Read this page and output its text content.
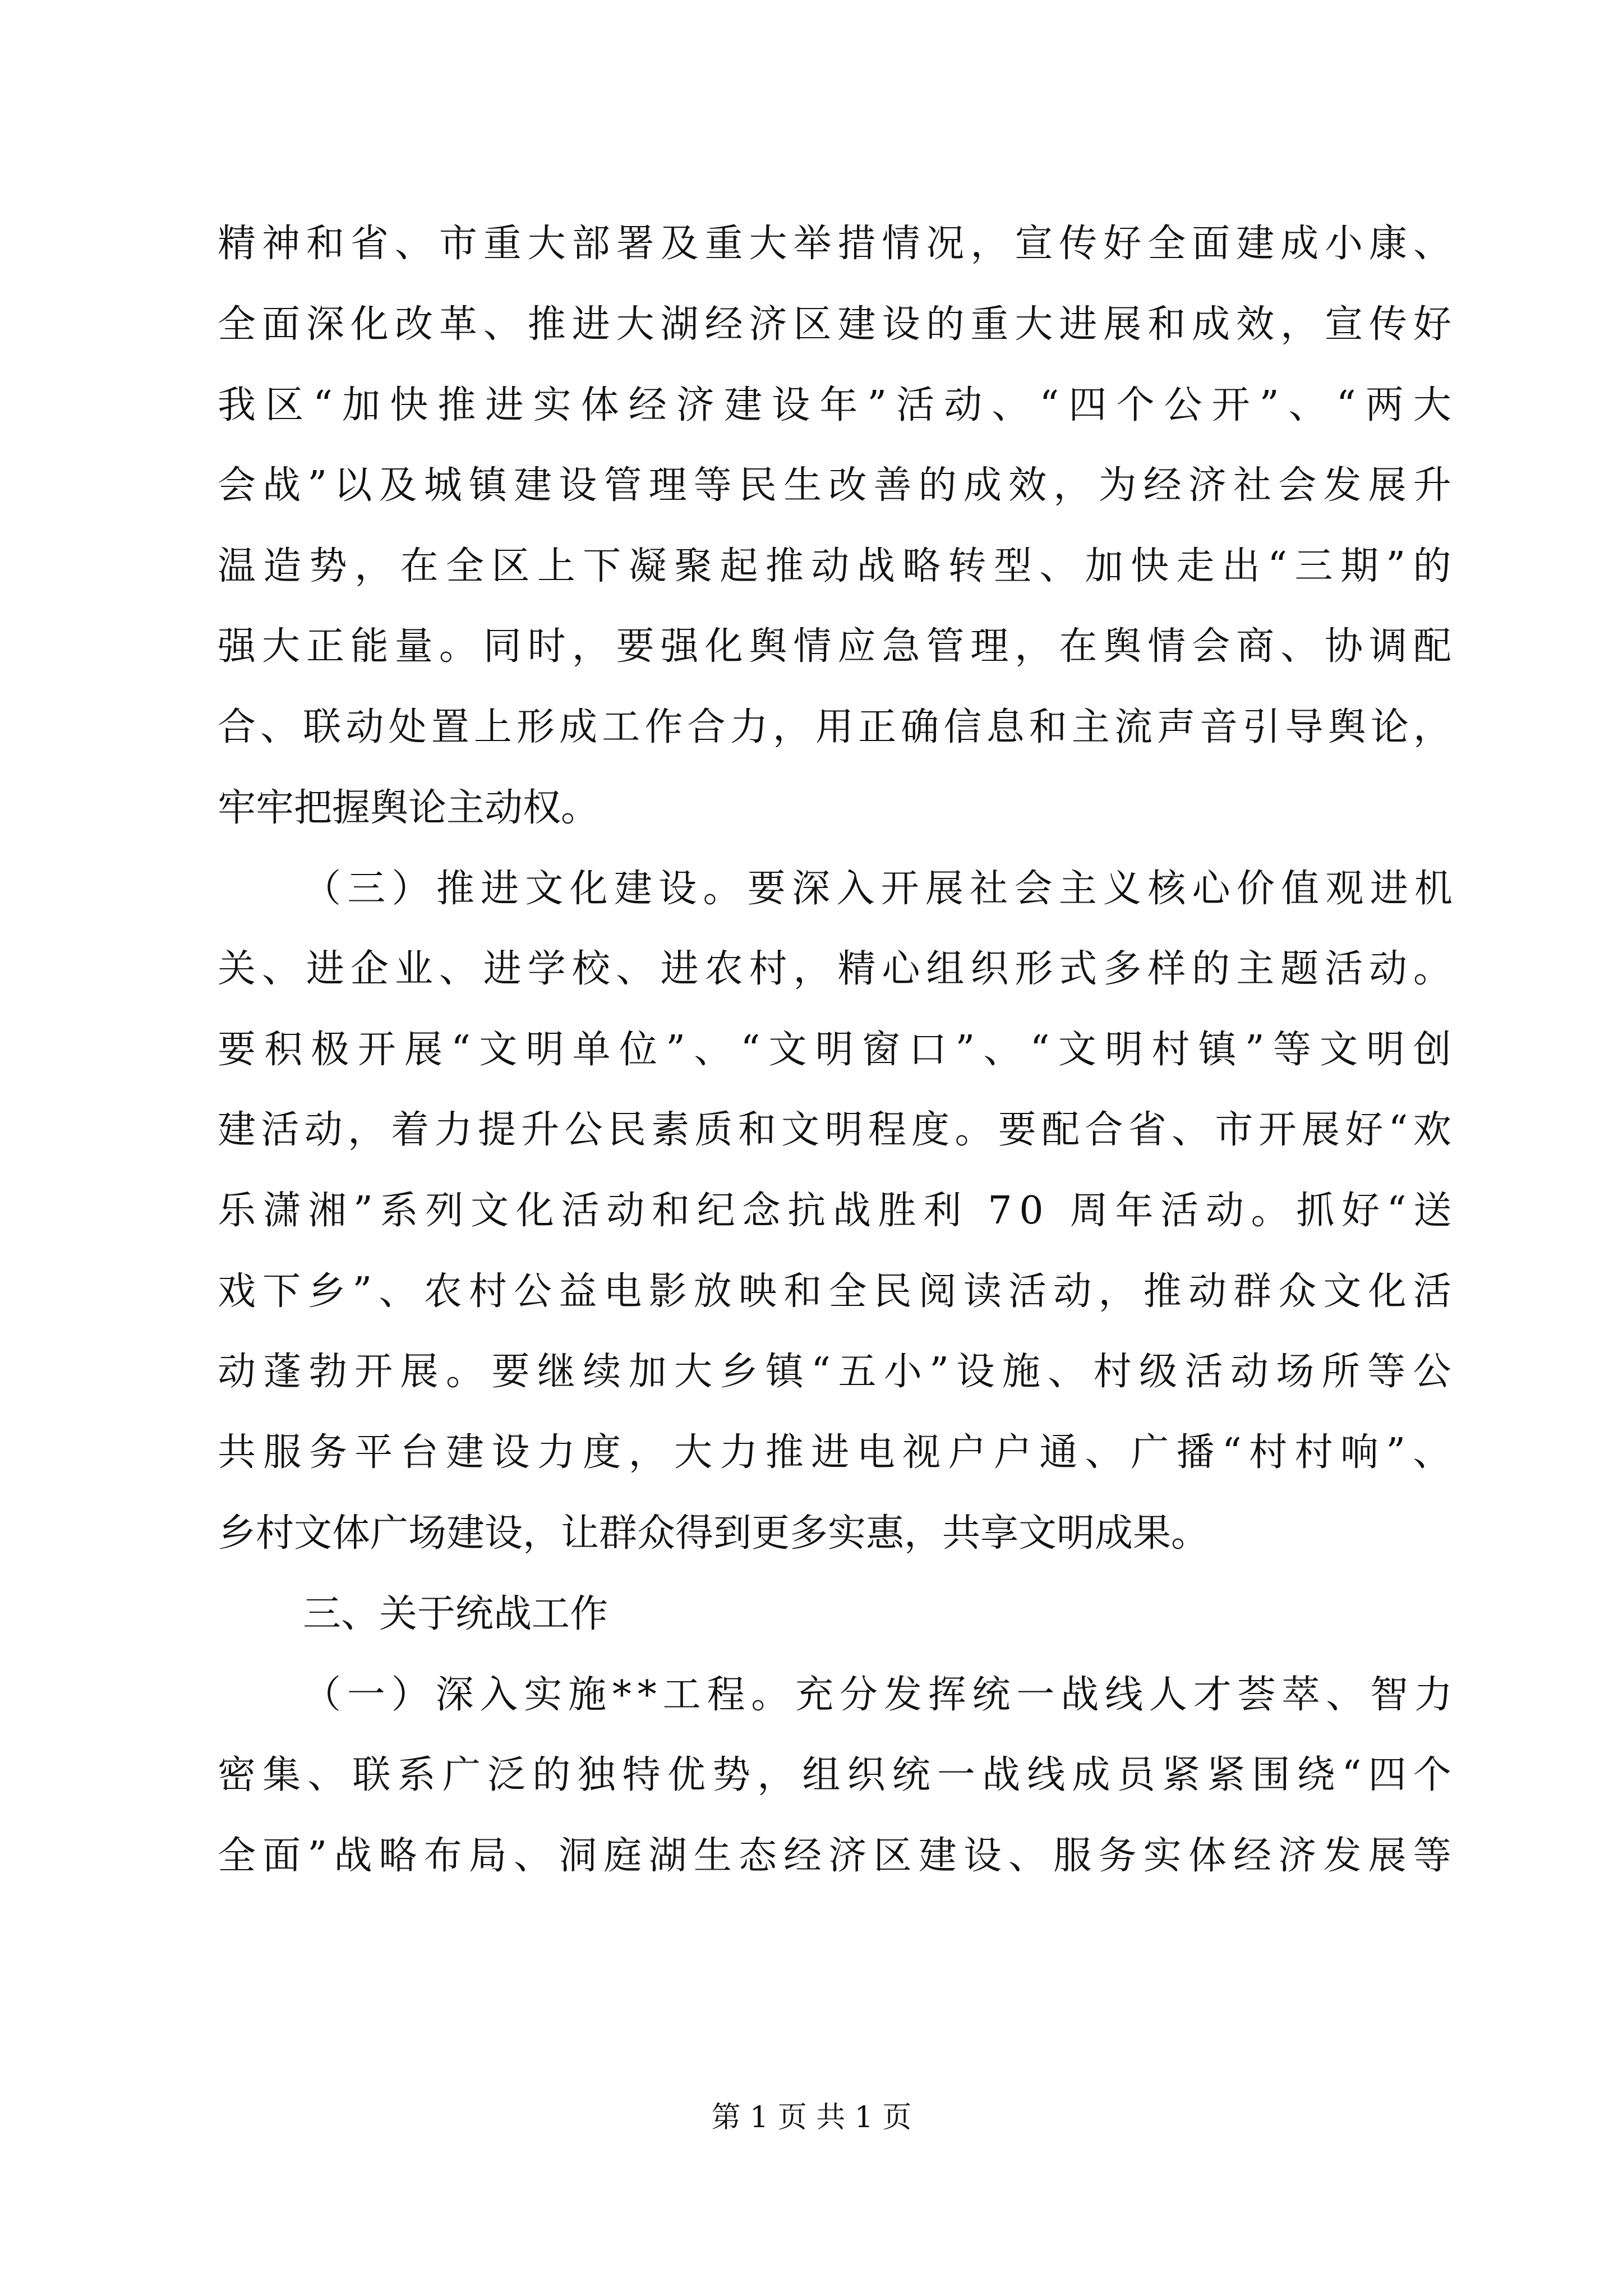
精神和省、市重大部署及重大举措情况，宣传好全面建成小康、
全面深化改革、推进大湖经济区建设的重大进展和成效，宣传好
我区“加快推进实体经济建设年”活动、“四个公开”、“两大
会战”以及城镇建设管理等民生改善的成效，为经济社会发展升
温造势，在全区上下凝聚起推动战略转型、加快走出“三期”的
强大正能量。同时，要强化舆情应急管理，在舆情会商、协调配
合、联动处置上形成工作合力，用正确信息和主流声音引导舆论，
牢牢把握舆论主动权。
（三）推进文化建设。要深入开展社会主义核心价值观进机
关、进企业、进学校、进农村，精心组织形式多样的主题活动。
要积极开展“文明单位”、“文明窗口”、“文明村镇”等文明创
建活动，着力提升公民素质和文明程度。要配合省、市开展好“欢
乐潇湘”系列文化活动和纪念抗战胜利 70 周年活动。抓好“送
戏下乡”、农村公益电影放映和全民阅读活动，推动群众文化活
动蓬勃开展。要继续加大乡镇“五小”设施、村级活动场所等公
共服务平台建设力度，大力推进电视户户通、广播“村村响”、
乡村文体广场建设，让群众得到更多实惠，共享文明成果。
三、关于统战工作
（一）深入实施**工程。充分发挥统一战线人才荟萃、智力
密集、联系广泛的独特优势，组织统一战线成员紧紧围绕“四个
全面”战略布局、洞庭湖生态经济区建设、服务实体经济发展等
第 1 页 共 1 页
